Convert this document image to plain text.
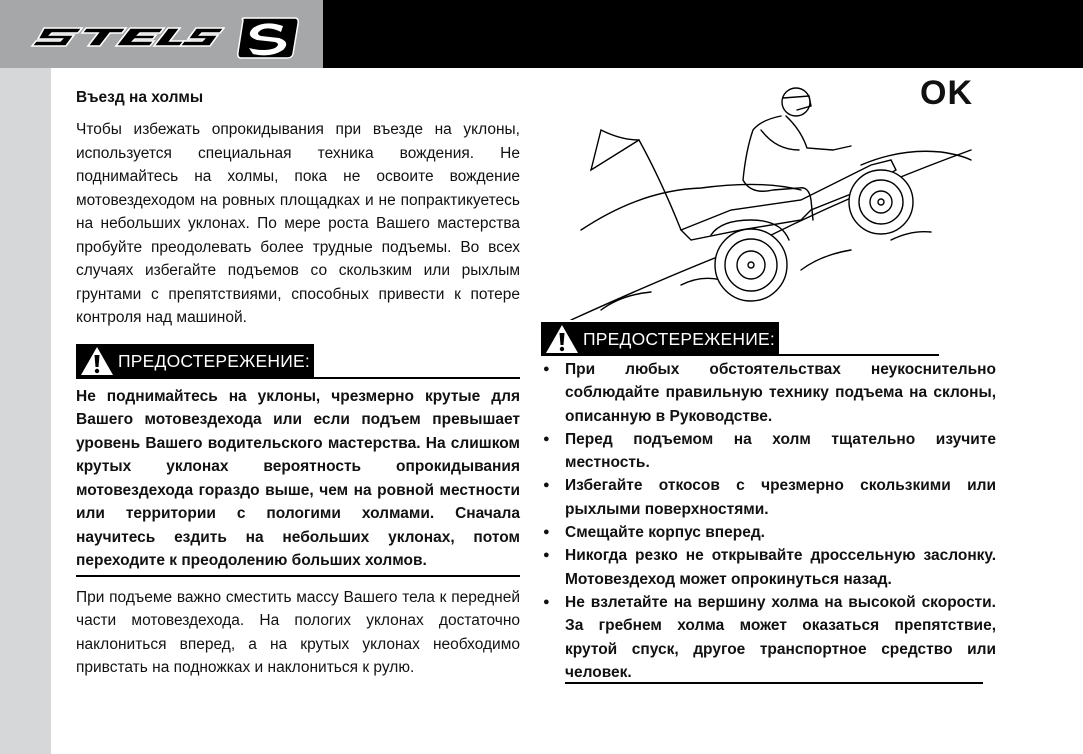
Въезд на холмы

Чтобы избежать опрокидывания при въезде на уклоны, используется специальная техника вождения. Не поднимайтесь на холмы, пока не освоите вождение мотовездеходом на ровных площадках и не попрактикуетесь на небольших уклонах. По мере роста Вашего мастерства пробуйте преодолевать более трудные подъемы. Во всех случаях избегайте подъемов со скользким или рыхлым грунтами с препятствиями, способных привести к потере контроля над машиной.

ПРЕДОСТЕРЕЖЕНИЕ:

Не поднимайтесь на уклоны, чрезмерно крутые для Вашего мотовездехода или если подъем превышает уровень Вашего водительского мастерства. На слишком крутых уклонах вероятность опрокидывания мотовездехода гораздо выше, чем на ровной местности или территории с пологими холмами. Сначала научитесь ездить на небольших уклонах, потом переходите к преодолению больших холмов.

При подъеме важно сместить массу Вашего тела к передней части мотовездехода. На пологих уклонах достаточно наклониться вперед, а на крутых уклонах необходимо привстать на подножках и наклониться к рулю.

OK
ПРЕДОСТЕРЕЖЕНИЕ:
● При любых обстоятельствах неукоснительно соблюдайте правильную технику подъема на склоны, описанную в Руководстве.
● Перед подъемом на холм тщательно изучите местность.
● Избегайте откосов с чрезмерно скользкими или рыхлыми поверхностями.
● Смещайте корпус вперед.
● Никогда резко не открывайте дроссельную заслонку. Мотовездеход может опрокинуться назад.
● Не взлетайте на вершину холма на высокой скорости. За гребнем холма может оказаться препятствие, крутой спуск, другое транспортное средство или человек.
